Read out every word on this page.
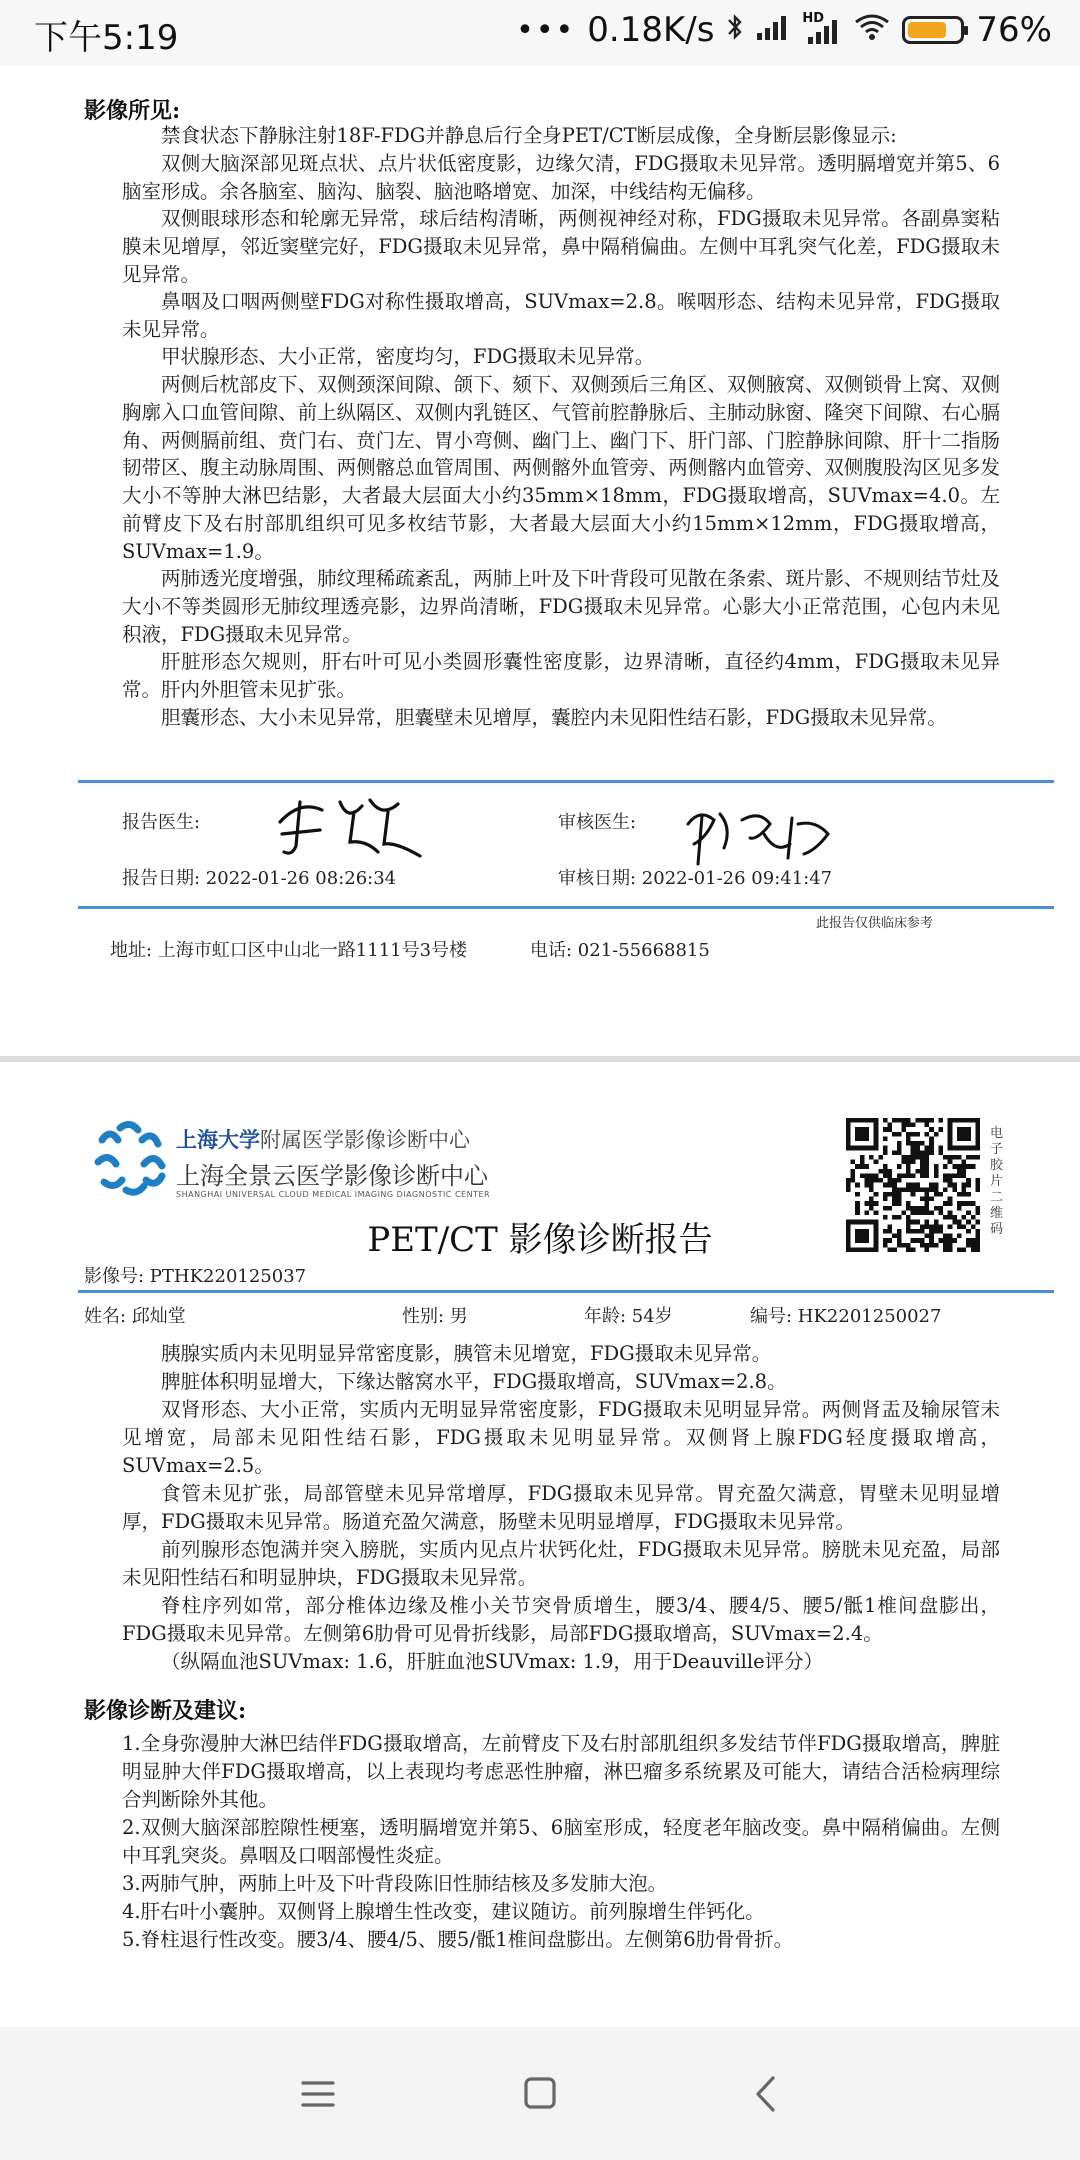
下午5:19	••• 0.18K/s	HD	76%
影像所见:
禁食状态下静脉注射18F-FDG并静息后行全身PET/CT断层成像，全身断层影像显示:
双侧大脑深部见斑点状、点片状低密度影，边缘欠清，FDG摄取未见异常。透明膈增宽并第5、6脑室形成。余各脑室、脑沟、脑裂、脑池略增宽、加深，中线结构无偏移。
双侧眼球形态和轮廓无异常，球后结构清晰，两侧视神经对称，FDG摄取未见异常。各副鼻窦粘膜未见增厚，邻近窦壁完好，FDG摄取未见异常，鼻中隔稍偏曲。左侧中耳乳突气化差，FDG摄取未见异常。
鼻咽及口咽两侧壁FDG对称性摄取增高，SUVmax=2.8。喉咽形态、结构未见异常，FDG摄取未见异常。
甲状腺形态、大小正常，密度均匀，FDG摄取未见异常。
两侧后枕部皮下、双侧颈深间隙、颌下、颏下、双侧颈后三角区、双侧腋窝、双侧锁骨上窝、双侧胸廓入口血管间隙、前上纵隔区、双侧内乳链区、气管前腔静脉后、主肺动脉窗、隆突下间隙、右心膈角、两侧膈前组、贲门右、贲门左、胃小弯侧、幽门上、幽门下、肝门部、门腔静脉间隙、肝十二指肠韧带区、腹主动脉周围、两侧髂总血管周围、两侧髂外血管旁、两侧髂内血管旁、双侧腹股沟区见多发大小不等肿大淋巴结影，大者最大层面大小约35mm×18mm，FDG摄取增高，SUVmax=4.0。左前臂皮下及右肘部肌组织可见多枚结节影，大者最大层面大小约15mm×12mm，FDG摄取增高，SUVmax=1.9。
两肺透光度增强，肺纹理稀疏紊乱，两肺上叶及下叶背段可见散在条索、斑片影、不规则结节灶及大小不等类圆形无肺纹理透亮影，边界尚清晰，FDG摄取未见异常。心影大小正常范围，心包内未见积液，FDG摄取未见异常。
肝脏形态欠规则，肝右叶可见小类圆形囊性密度影，边界清晰，直径约4mm，FDG摄取未见异常。肝内外胆管未见扩张。
胆囊形态、大小未见异常，胆囊壁未见增厚，囊腔内未见阳性结石影，FDG摄取未见异常。
报告医生:	审核医生:
报告日期: 2022-01-26 08:26:34	审核日期: 2022-01-26 09:41:47
此报告仅供临床参考
地址: 上海市虹口区中山北一路1111号3号楼	电话: 021-55668815
上海大学附属医学影像诊断中心
上海全景云医学影像诊断中心
SHANGHAI UNIVERSAL CLOUD MEDICAL IMAGING DIAGNOSTIC CENTER
电子胶片二维码
PET/CT 影像诊断报告
影像号: PTHK220125037
姓名: 邱灿堂	性别: 男	年龄: 54岁	编号: HK2201250027
胰腺实质内未见明显异常密度影，胰管未见增宽，FDG摄取未见异常。
脾脏体积明显增大，下缘达髂窝水平，FDG摄取增高，SUVmax=2.8。
双肾形态、大小正常，实质内无明显异常密度影，FDG摄取未见明显异常。两侧肾盂及输尿管未见增宽，局部未见阳性结石影，FDG摄取未见明显异常。双侧肾上腺FDG轻度摄取增高，SUVmax=2.5。
食管未见扩张，局部管壁未见异常增厚，FDG摄取未见异常。胃充盈欠满意，胃壁未见明显增厚，FDG摄取未见异常。肠道充盈欠满意，肠壁未见明显增厚，FDG摄取未见异常。
前列腺形态饱满并突入膀胱，实质内见点片状钙化灶，FDG摄取未见异常。膀胱未见充盈，局部未见阳性结石和明显肿块，FDG摄取未见异常。
脊柱序列如常，部分椎体边缘及椎小关节突骨质增生，腰3/4、腰4/5、腰5/骶1椎间盘膨出，FDG摄取未见异常。左侧第6肋骨可见骨折线影，局部FDG摄取增高，SUVmax=2.4。
（纵隔血池SUVmax: 1.6，肝脏血池SUVmax: 1.9，用于Deauville评分）
影像诊断及建议:
1.全身弥漫肿大淋巴结伴FDG摄取增高，左前臂皮下及右肘部肌组织多发结节伴FDG摄取增高，脾脏明显肿大伴FDG摄取增高，以上表现均考虑恶性肿瘤，淋巴瘤多系统累及可能大，请结合活检病理综合判断除外其他。
2.双侧大脑深部腔隙性梗塞，透明膈增宽并第5、6脑室形成，轻度老年脑改变。鼻中隔稍偏曲。左侧中耳乳突炎。鼻咽及口咽部慢性炎症。
3.两肺气肿，两肺上叶及下叶背段陈旧性肺结核及多发肺大泡。
4.肝右叶小囊肿。双侧肾上腺增生性改变，建议随访。前列腺增生伴钙化。
5.脊柱退行性改变。腰3/4、腰4/5、腰5/骶1椎间盘膨出。左侧第6肋骨骨折。
